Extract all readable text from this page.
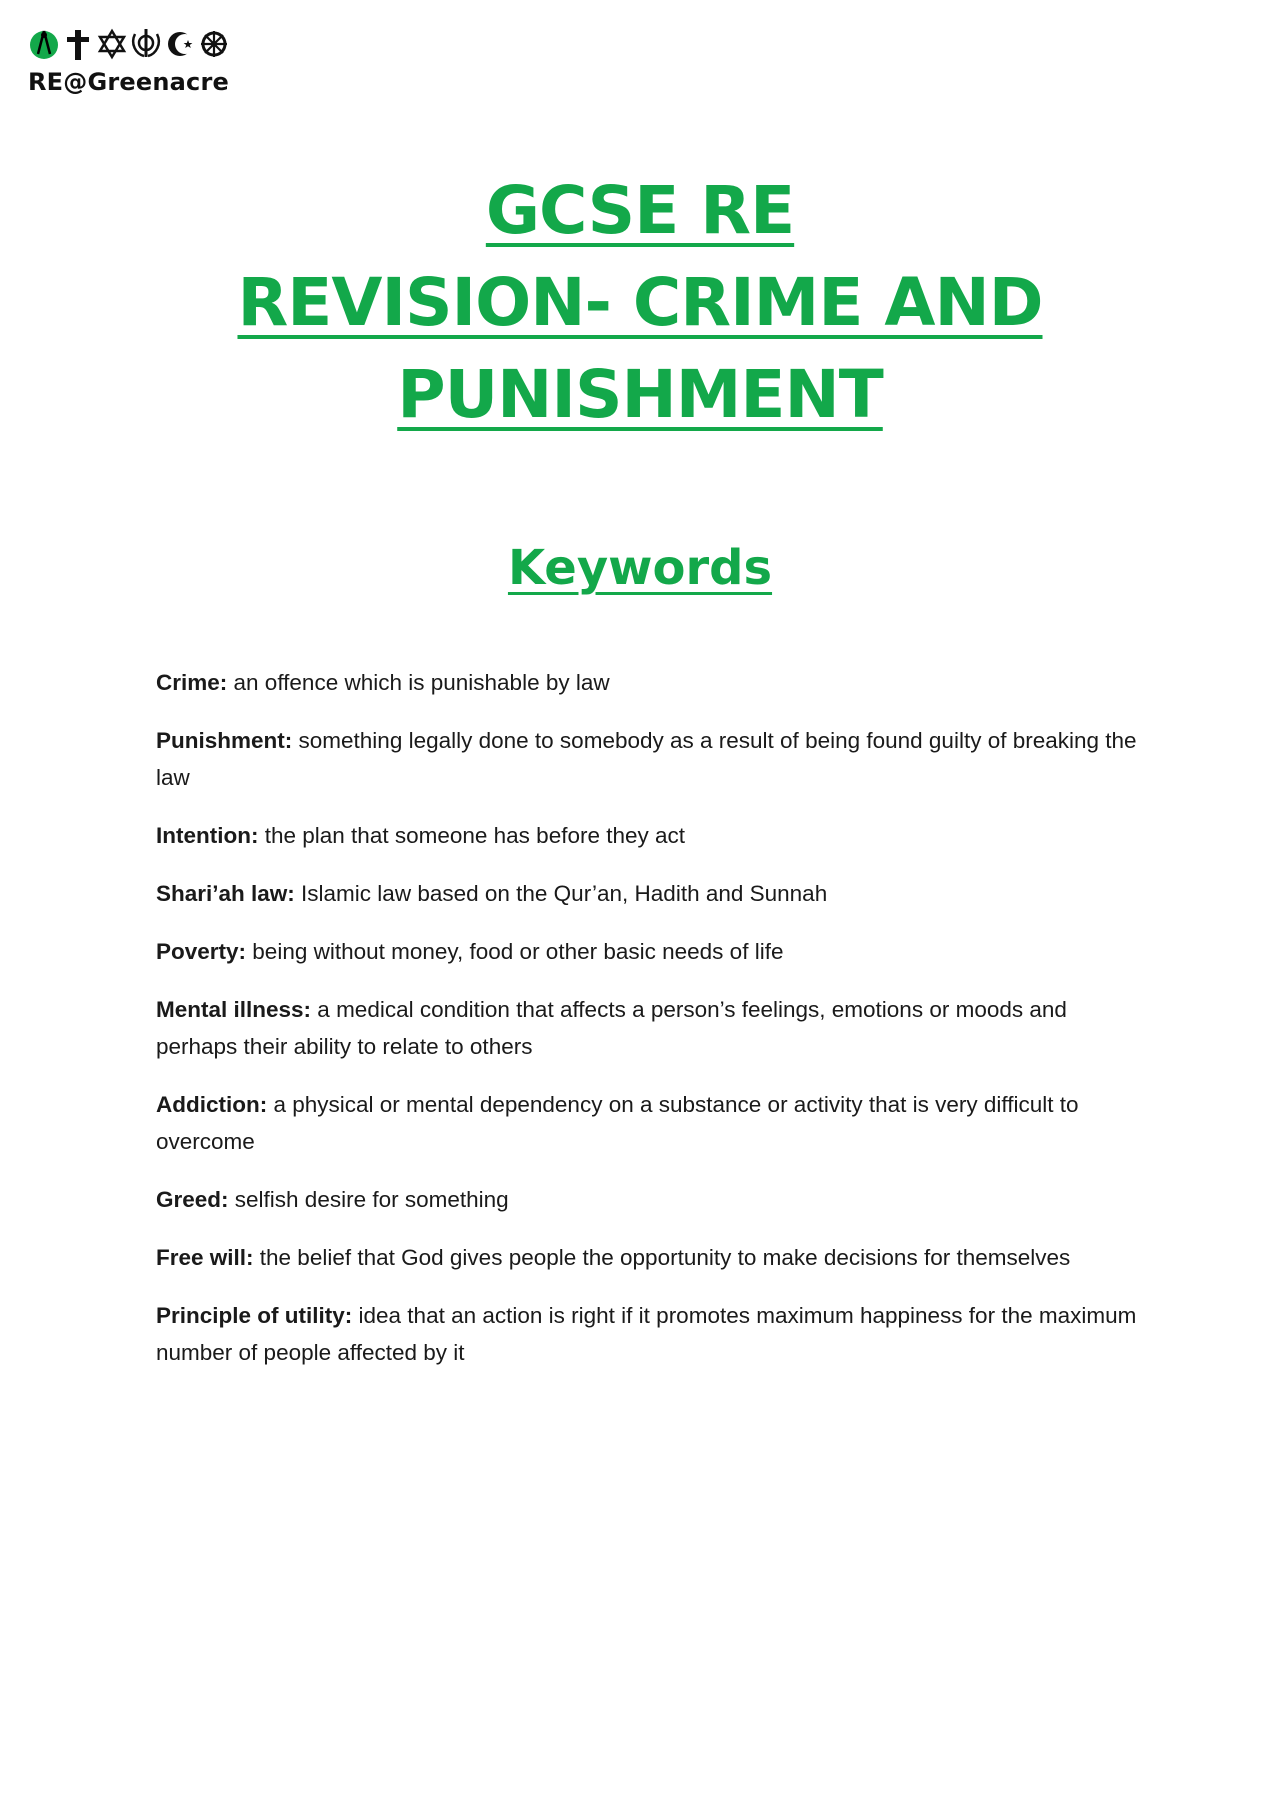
RE@Greenacre
GCSE RE
REVISION- CRIME AND
PUNISHMENT
Keywords

Crime: an offence which is punishable by law

Punishment: something legally done to somebody as a result of being found guilty of breaking the law

Intention: the plan that someone has before they act

Shari’ah law: Islamic law based on the Qur’an, Hadith and Sunnah

Poverty: being without money, food or other basic needs of life

Mental illness: a medical condition that affects a person’s feelings, emotions or moods and perhaps their ability to relate to others

Addiction: a physical or mental dependency on a substance or activity that is very difficult to overcome

Greed: selfish desire for something

Free will: the belief that God gives people the opportunity to make decisions for themselves

Principle of utility: idea that an action is right if it promotes maximum happiness for the maximum number of people affected by it
